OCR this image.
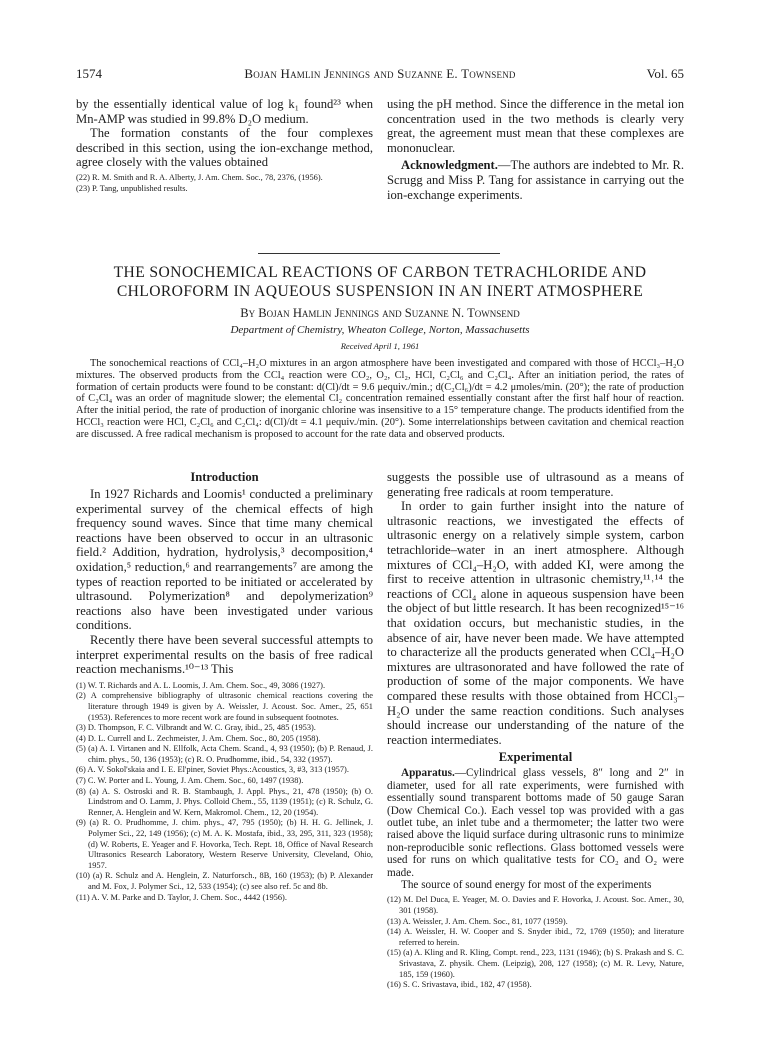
1574	Bojan Hamlin Jennings and Suzanne E. Townsend	Vol. 65

by the essentially identical value of log k₁ found²³ when Mn-AMP was studied in 99.8% D₂O medium.

The formation constants of the four complexes described in this section, using the ion-exchange method, agree closely with the values obtained

(22) R. M. Smith and R. A. Alberty, J. Am. Chem. Soc., 78, 2376, (1956).

(23) P. Tang, unpublished results.

using the pH method. Since the difference in the metal ion concentration used in the two methods is clearly very great, the agreement must mean that these complexes are mononuclear.

Acknowledgment.—The authors are indebted to Mr. R. Scrugg and Miss P. Tang for assistance in carrying out the ion-exchange experiments.

THE SONOCHEMICAL REACTIONS OF CARBON TETRACHLORIDE AND
CHLOROFORM IN AQUEOUS SUSPENSION IN AN INERT ATMOSPHERE

By Bojan Hamlin Jennings and Suzanne N. Townsend

Department of Chemistry, Wheaton College, Norton, Massachusetts

Received April 1, 1961

The sonochemical reactions of CCl₄–H₂O mixtures in an argon atmosphere have been investigated and compared with those of HCCl₃–H₂O mixtures. The observed products from the CCl₄ reaction were CO₂, O₂, Cl₂, HCl, C₂Cl₆ and C₂Cl₄. After an initiation period, the rates of formation of certain products were found to be constant: d(Cl)/dt = 9.6 μequiv./min.; d(C₂Cl₆)/dt = 4.2 μmoles/min. (20°); the rate of production of C₂Cl₄ was an order of magnitude slower; the elemental Cl₂ concentration remained essentially constant after the first half hour of reaction. After the initial period, the rate of production of inorganic chlorine was insensitive to a 15° temperature change. The products identified from the HCCl₃ reaction were HCl, C₂Cl₆ and C₂Cl₄: d(Cl)/dt = 4.1 μequiv./min. (20°). Some interrelationships between cavitation and chemical reaction are discussed. A free radical mechanism is proposed to account for the rate data and observed products.

Introduction

In 1927 Richards and Loomis¹ conducted a preliminary experimental survey of the chemical effects of high frequency sound waves. Since that time many chemical reactions have been observed to occur in an ultrasonic field.² Addition, hydration, hydrolysis,³ decomposition,⁴ oxidation,⁵ reduction,⁶ and rearrangements⁷ are among the types of reaction reported to be initiated or accelerated by ultrasound. Polymerization⁸ and depolymerization⁹ reactions also have been investigated under various conditions.

Recently there have been several successful attempts to interpret experimental results on the basis of free radical reaction mechanisms.¹⁰⁻¹³ This

(1) W. T. Richards and A. L. Loomis, J. Am. Chem. Soc., 49, 3086 (1927).

(2) A comprehensive bibliography of ultrasonic chemical reactions covering the literature through 1949 is given by A. Weissler, J. Acoust. Soc. Amer., 25, 651 (1953). References to more recent work are found in subsequent footnotes.

(3) D. Thompson, F. C. Vilbrandt and W. C. Gray, ibid., 25, 485 (1953).

(4) D. L. Currell and L. Zechmeister, J. Am. Chem. Soc., 80, 205 (1958).

(5) (a) A. I. Virtanen and N. Ellfolk, Acta Chem. Scand., 4, 93 (1950); (b) P. Renaud, J. chim. phys., 50, 136 (1953); (c) R. O. Prudhomme, ibid., 54, 332 (1957).

(6) A. V. Sokol'skaia and I. E. El'piner, Soviet Phys.:Acoustics, 3, #3, 313 (1957).

(7) C. W. Porter and L. Young, J. Am. Chem. Soc., 60, 1497 (1938).

(8) (a) A. S. Ostroski and R. B. Stambaugh, J. Appl. Phys., 21, 478 (1950); (b) O. Lindstrom and O. Lamm, J. Phys. Colloid Chem., 55, 1139 (1951); (c) R. Schulz, G. Renner, A. Henglein and W. Kern, Makromol. Chem., 12, 20 (1954).

(9) (a) R. O. Prudhomme, J. chim. phys., 47, 795 (1950); (b) H. H. G. Jellinek, J. Polymer Sci., 22, 149 (1956); (c) M. A. K. Mostafa, ibid., 33, 295, 311, 323 (1958); (d) W. Roberts, E. Yeager and F. Hovorka, Tech. Rept. 18, Office of Naval Research Ultrasonics Research Laboratory, Western Reserve University, Cleveland, Ohio, 1957.

(10) (a) R. Schulz and A. Henglein, Z. Naturforsch., 8B, 160 (1953); (b) P. Alexander and M. Fox, J. Polymer Sci., 12, 533 (1954); (c) see also ref. 5c and 8b.

(11) A. V. M. Parke and D. Taylor, J. Chem. Soc., 4442 (1956).

suggests the possible use of ultrasound as a means of generating free radicals at room temperature.

In order to gain further insight into the nature of ultrasonic reactions, we investigated the effects of ultrasonic energy on a relatively simple system, carbon tetrachloride–water in an inert atmosphere. Although mixtures of CCl₄–H₂O, with added KI, were among the first to receive attention in ultrasonic chemistry,¹¹˒¹⁴ the reactions of CCl₄ alone in aqueous suspension have been the object of but little research. It has been recognized¹⁵⁻¹⁶ that oxidation occurs, but mechanistic studies, in the absence of air, have never been made. We have attempted to characterize all the products generated when CCl₄–H₂O mixtures are ultrasonorated and have followed the rate of production of some of the major components. We have compared these results with those obtained from HCCl₃–H₂O under the same reaction conditions. Such analyses should increase our understanding of the nature of the reaction intermediates.

Experimental

Apparatus.—Cylindrical glass vessels, 8″ long and 2″ in diameter, used for all rate experiments, were furnished with essentially sound transparent bottoms made of 50 gauge Saran (Dow Chemical Co.). Each vessel top was provided with a gas outlet tube, an inlet tube and a thermometer; the latter two were raised above the liquid surface during ultrasonic runs to minimize non-reproducible sonic reflections. Glass bottomed vessels were used for runs on which qualitative tests for CO₂ and O₂ were made.

The source of sound energy for most of the experiments

(12) M. Del Duca, E. Yeager, M. O. Davies and F. Hovorka, J. Acoust. Soc. Amer., 30, 301 (1958).

(13) A. Weissler, J. Am. Chem. Soc., 81, 1077 (1959).

(14) A. Weissler, H. W. Cooper and S. Snyder ibid., 72, 1769 (1950); and literature referred to herein.

(15) (a) A. Kling and R. Kling, Compt. rend., 223, 1131 (1946); (b) S. Prakash and S. C. Srivastava, Z. physik. Chem. (Leipzig), 208, 127 (1958); (c) M. R. Levy, Nature, 185, 159 (1960).

(16) S. C. Srivastava, ibid., 182, 47 (1958).
